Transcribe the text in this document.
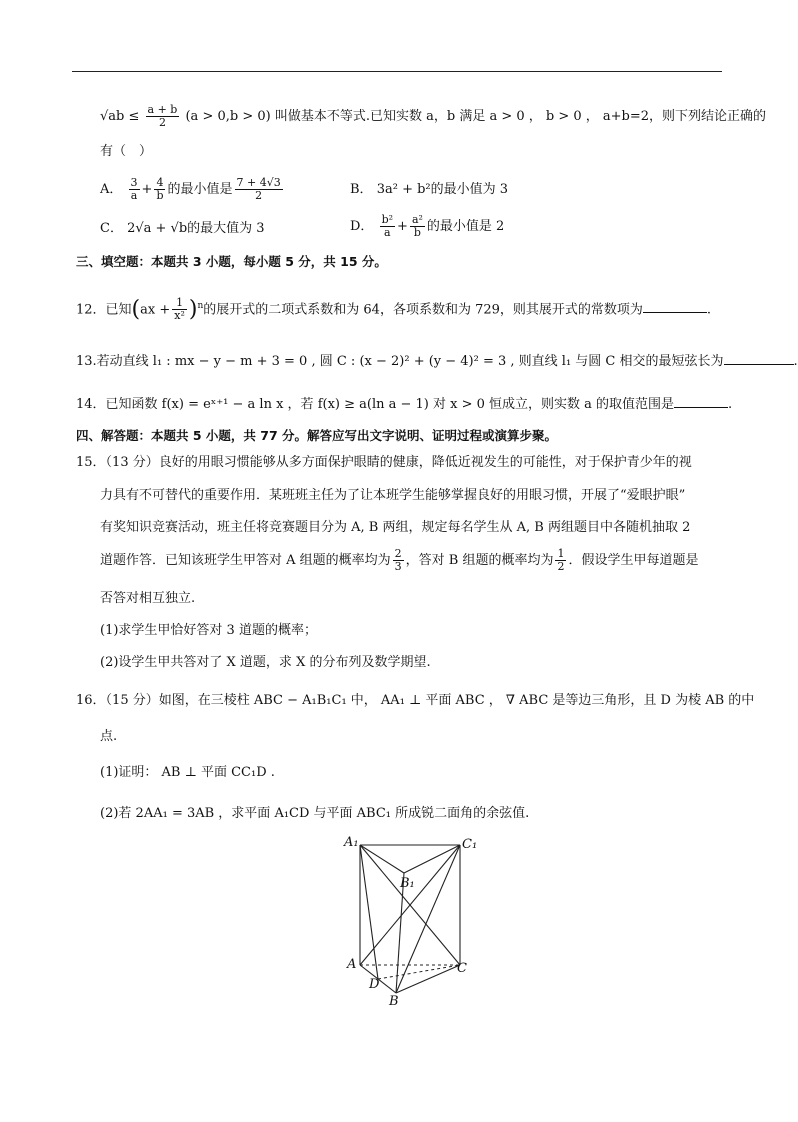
$√ab \le \frac{a + b}{2} (a > 0,b > 0)$ 叫做基本不等式.已知实数 a，b 满足 a > 0 ， b > 0 ， a+b=2，则下列结论正确的
有（　）
A． $\frac{3}{a} + \frac{4}{b}$ 的最小值是 $\frac{7 + 4√3}{2}$	B． 3a² + b²的最小值为 3
C． 2√a + √b的最大值为 3	D． $\frac{\text{b²}}{a} + \frac{\text{a²}}{b}$ 的最小值是 2
三、填空题：本题共 3 小题，每小题 5 分，共 15 分。
12．已知$(ax + \frac{1}{\text{x²}} )^n$的展开式的二项式系数和为 64，各项系数和为 729，则其展开式的常数项为	.
13.若动直线 l₁ : mx − y − m + 3 = 0 , 圆 C : (x − 2)² + (y − 4)² = 3 , 则直线 l₁ 与圆 C 相交的最短弦长为	.
14．已知函数 f(x) = eˣ⁺¹ − a ln x ，若 f(x) ≥ a(ln a − 1) 对 x > 0 恒成立，则实数 a 的取值范围是	.
四、解答题：本题共 5 小题，共 77 分。解答应写出文字说明、证明过程或演算步聚。
15．（13 分）良好的用眼习惯能够从多方面保护眼睛的健康，降低近视发生的可能性，对于保护青少年的视
力具有不可替代的重要作用．某班班主任为了让本班学生能够掌握良好的用眼习惯，开展了“爱眼护眼”
有奖知识竞赛活动，班主任将竞赛题目分为 A, B 两组，规定每名学生从 A, B 两组题目中各随机抽取 2
道题作答．已知该班学生甲答对 A 组题的概率均为 $\frac{2}{3}$ ，答对 B 组题的概率均为 $\frac{1}{2}$ ．假设学生甲每道题是
否答对相互独立.
(1)求学生甲恰好答对 3 道题的概率；
(2)设学生甲共答对了 X 道题，求 X 的分布列及数学期望.
16．（15 分）如图，在三棱柱 ABC − A₁B₁C₁ 中， AA₁ ⊥ 平面 ABC ， ∇ ABC 是等边三角形，且 D 为棱 AB 的中
点.
(1)证明： AB ⊥ 平面 CC₁D .
(2)若 2AA₁ = 3AB ，求平面 A₁CD 与平面 ABC₁ 所成锐二面角的余弦值.
A₁	C₁
B₁
A	C
D
B
